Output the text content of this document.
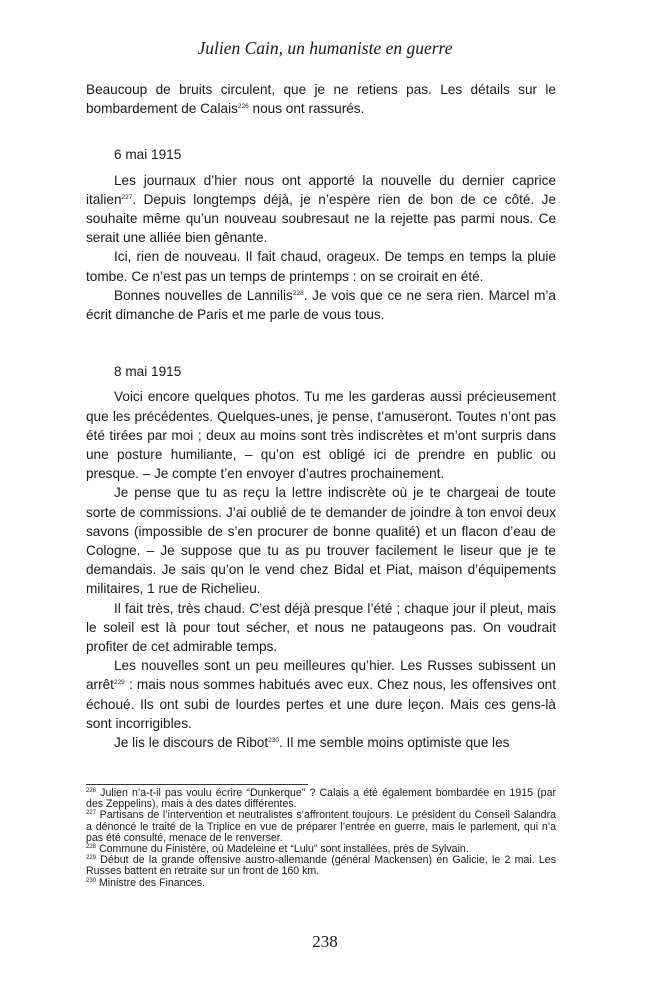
Julien Cain, un humaniste en guerre

Beaucoup de bruits circulent, que je ne retiens pas. Les détails sur le bombardement de Calais$^{226}$ nous ont rassurés.

6 mai 1915

Les journaux d’hier nous ont apporté la nouvelle du dernier caprice italien$^{227}$. Depuis longtemps déjà, je n’espère rien de bon de ce côté. Je souhaite même qu’un nouveau soubresaut ne la rejette pas parmi nous. Ce serait une alliée bien gênante.

Ici, rien de nouveau. Il fait chaud, orageux. De temps en temps la pluie tombe. Ce n’est pas un temps de printemps : on se croirait en été.

Bonnes nouvelles de Lannilis$^{228}$. Je vois que ce ne sera rien. Marcel m’a écrit dimanche de Paris et me parle de vous tous.

8 mai 1915

Voici encore quelques photos. Tu me les garderas aussi précieusement que les précédentes. Quelques-unes, je pense, t’amuseront. Toutes n’ont pas été tirées par moi ; deux au moins sont très indiscrètes et m’ont surpris dans une posture humiliante, – qu’on est obligé ici de prendre en public ou presque. – Je compte t’en envoyer d’autres prochainement.

Je pense que tu as reçu la lettre indiscrète où je te chargeai de toute sorte de commissions. J’ai oublié de te demander de joindre à ton envoi deux savons (impossible de s’en procurer de bonne qualité) et un flacon d’eau de Cologne. – Je suppose que tu as pu trouver facilement le liseur que je te demandais. Je sais qu’on le vend chez Bidal et Piat, maison d’équipements militaires, 1 rue de Richelieu.

Il fait très, très chaud. C’est déjà presque l’été ; chaque jour il pleut, mais le soleil est là pour tout sécher, et nous ne pataugeons pas. On voudrait profiter de cet admirable temps.

Les nouvelles sont un peu meilleures qu’hier. Les Russes subissent un arrêt$^{229}$ : mais nous sommes habitués avec eux. Chez nous, les offensives ont échoué. Ils ont subi de lourdes pertes et une dure leçon. Mais ces gens-là sont incorrigibles.

Je lis le discours de Ribot$^{230}$. Il me semble moins optimiste que les

$^{226}$ Julien n’a-t-il pas voulu écrire “Dunkerque” ? Calais a été également bombardée en 1915 (par des Zeppelins), mais à des dates différentes.

$^{227}$ Partisans de l’intervention et neutralistes s’affrontent toujours. Le président du Conseil Salandra a dénoncé le traité de la Triplice en vue de préparer l’entrée en guerre, mais le parlement, qui n’a pas été consulté, menace de le renverser.

$^{228}$ Commune du Finistère, où Madeleine et “Lulu” sont installées, près de Sylvain.

$^{229}$ Début de la grande offensive austro-allemande (général Mackensen) en Galicie, le 2 mai. Les Russes battent en retraite sur un front de 160 km.

$^{230}$ Ministre des Finances.

238
